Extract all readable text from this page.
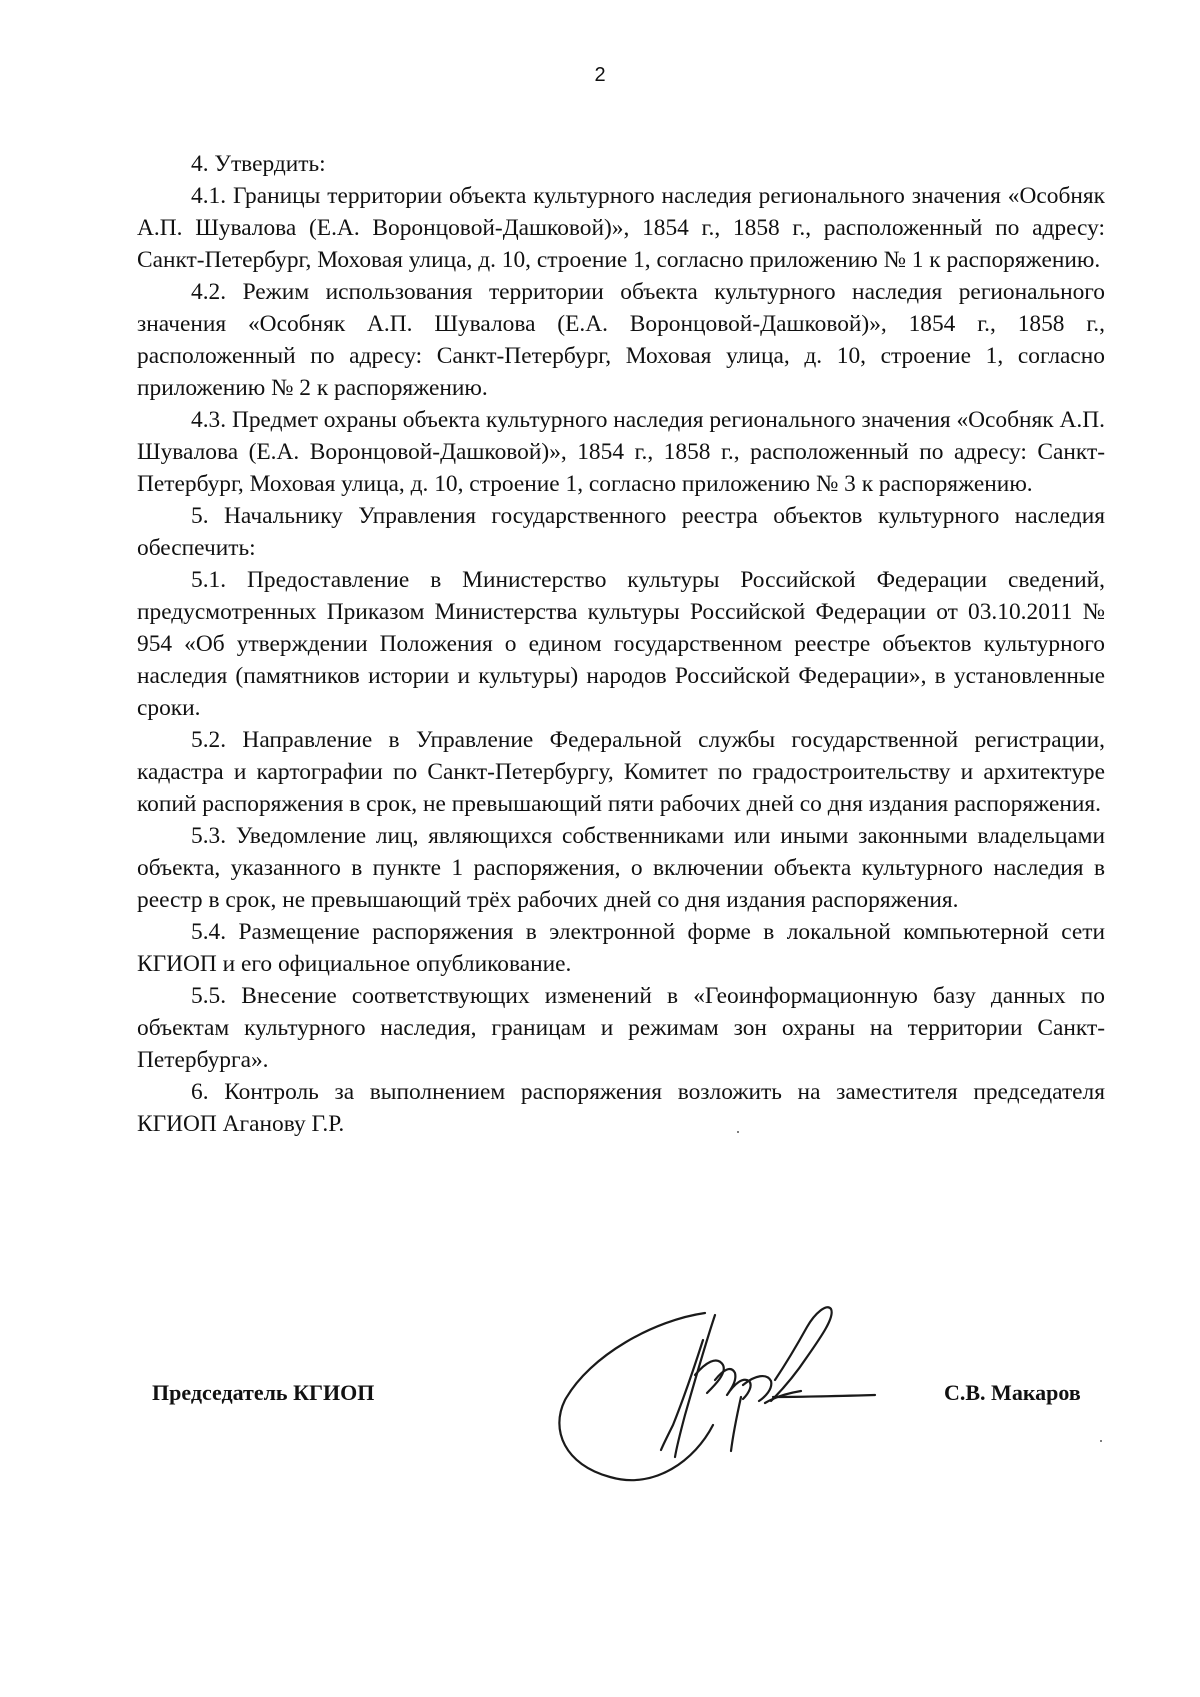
2

4. Утвердить:

4.1. Границы территории объекта культурного наследия регионального значения «Особняк А.П. Шувалова (Е.А. Воронцовой-Дашковой)», 1854 г., 1858 г., расположенный по адресу: Санкт-Петербург, Моховая улица, д. 10, строение 1, согласно приложению № 1 к распоряжению.

4.2. Режим использования территории объекта культурного наследия регионального значения «Особняк А.П. Шувалова (Е.А. Воронцовой-Дашковой)», 1854 г., 1858 г., расположенный по адресу: Санкт-Петербург, Моховая улица, д. 10, строение 1, согласно приложению № 2 к распоряжению.

4.3. Предмет охраны объекта культурного наследия регионального значения «Особняк А.П. Шувалова (Е.А. Воронцовой-Дашковой)», 1854 г., 1858 г., расположенный по адресу: Санкт-Петербург, Моховая улица, д. 10, строение 1, согласно приложению № 3 к распоряжению.

5. Начальнику Управления государственного реестра объектов культурного наследия обеспечить:

5.1. Предоставление в Министерство культуры Российской Федерации сведений, предусмотренных Приказом Министерства культуры Российской Федерации от 03.10.2011 № 954 «Об утверждении Положения о едином государственном реестре объектов культурного наследия (памятников истории и культуры) народов Российской Федерации», в установленные сроки.

5.2. Направление в Управление Федеральной службы государственной регистрации, кадастра и картографии по Санкт-Петербургу, Комитет по градостроительству и архитектуре копий распоряжения в срок, не превышающий пяти рабочих дней со дня издания распоряжения.

5.3. Уведомление лиц, являющихся собственниками или иными законными владельцами объекта, указанного в пункте 1 распоряжения, о включении объекта культурного наследия в реестр в срок, не превышающий трёх рабочих дней со дня издания распоряжения.

5.4. Размещение распоряжения в электронной форме в локальной компьютерной сети КГИОП и его официальное опубликование.

5.5. Внесение соответствующих изменений в «Геоинформационную базу данных по объектам культурного наследия, границам и режимам зон охраны на территории Санкт-Петербурга».

6. Контроль за выполнением распоряжения возложить на заместителя председателя КГИОП Аганову Г.Р.

Председатель КГИОП	С.В. Макаров
